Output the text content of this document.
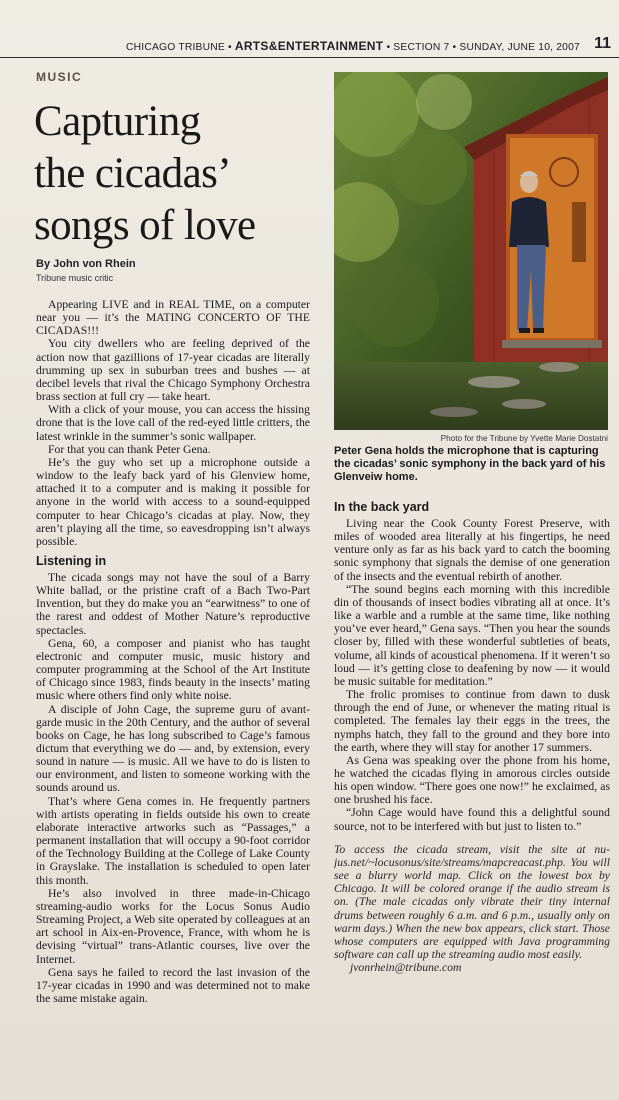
CHICAGO TRIBUNE • ARTS&ENTERTAINMENT • SECTION 7 • SUNDAY, JUNE 10, 2007 11
MUSIC
Capturing
the cicadas’
songs of love
By John von Rhein
Tribune music critic
Photo for the Tribune by Yvette Marie Dostatni
Peter Gena holds the microphone that is capturing the cicadas’ sonic symphony in the back yard of his Glenveiw home.

Appearing LIVE and in REAL TIME, on a computer near you — it’s the MATING CONCERTO OF THE CICADAS!!!

You city dwellers who are feeling deprived of the action now that gazillions of 17-year cicadas are literally drumming up sex in suburban trees and bushes — at decibel levels that rival the Chicago Symphony Orchestra brass section at full cry — take heart.

With a click of your mouse, you can access the hissing drone that is the love call of the red-eyed little critters, the latest wrinkle in the summer’s sonic wallpaper.

For that you can thank Peter Gena.

He’s the guy who set up a microphone outside a window to the leafy back yard of his Glenview home, attached it to a computer and is making it possible for anyone in the world with access to a sound-equipped computer to hear Chicago’s cicadas at play. Now, they aren’t playing all the time, so eavesdropping isn’t always possible.

Listening in

The cicada songs may not have the soul of a Barry White ballad, or the pristine craft of a Bach Two-Part Invention, but they do make you an “earwitness” to one of the rarest and oddest of Mother Nature’s reproductive spectacles.

Gena, 60, a composer and pianist who has taught electronic and computer music, music history and computer programming at the School of the Art Institute of Chicago since 1983, finds beauty in the insects’ mating music where others find only white noise.

A disciple of John Cage, the supreme guru of avant-garde music in the 20th Century, and the author of several books on Cage, he has long subscribed to Cage’s famous dictum that everything we do — and, by extension, every sound in nature — is music. All we have to do is listen to our environment, and listen to someone working with the sounds around us.

That’s where Gena comes in. He frequently partners with artists operating in fields outside his own to create elaborate interactive artworks such as “Passages,” a permanent installation that will occupy a 90-foot corridor of the Technology Building at the College of Lake County in Grayslake. The installation is scheduled to open later this month.

He’s also involved in three made-in-Chicago streaming-audio works for the Locus Sonus Audio Streaming Project, a Web site operated by colleagues at an art school in Aix-en-Provence, France, with whom he is devising “virtual” trans-Atlantic courses, live over the Internet.

Gena says he failed to record the last invasion of the 17-year cicadas in 1990 and was determined not to make the same mistake again.

In the back yard

Living near the Cook County Forest Preserve, with miles of wooded area literally at his fingertips, he need venture only as far as his back yard to catch the booming sonic symphony that signals the demise of one generation of the insects and the eventual rebirth of another.

“The sound begins each morning with this incredible din of thousands of insect bodies vibrating all at once. It’s like a warble and a rumble at the same time, like nothing you’ve ever heard,” Gena says. “Then you hear the sounds closer by, filled with these wonderful subtleties of beats, volume, all kinds of acoustical phenomena. If it weren’t so loud — it’s getting close to deafening by now — it would be music suitable for meditation.”

The frolic promises to continue from dawn to dusk through the end of June, or whenever the mating ritual is completed. The females lay their eggs in the trees, the nymphs hatch, they fall to the ground and they bore into the earth, where they will stay for another 17 summers.

As Gena was speaking over the phone from his home, he watched the cicadas flying in amorous circles outside his open window. “There goes one now!” he exclaimed, as one brushed his face.

“John Cage would have found this a delightful sound source, not to be interfered with but just to listen to.”

To access the cicada stream, visit the site at nu-jus.net/~locusonus/site/streams/mapcreacast.php. You will see a blurry world map. Click on the lowest box by Chicago. It will be colored orange if the audio stream is on. (The male cicadas only vibrate their tiny internal drums between roughly 6 a.m. and 6 p.m., usually only on warm days.) When the new box appears, click start. Those whose computers are equipped with Java programming software can call up the streaming audio most easily.

jvonrhein@tribune.com
